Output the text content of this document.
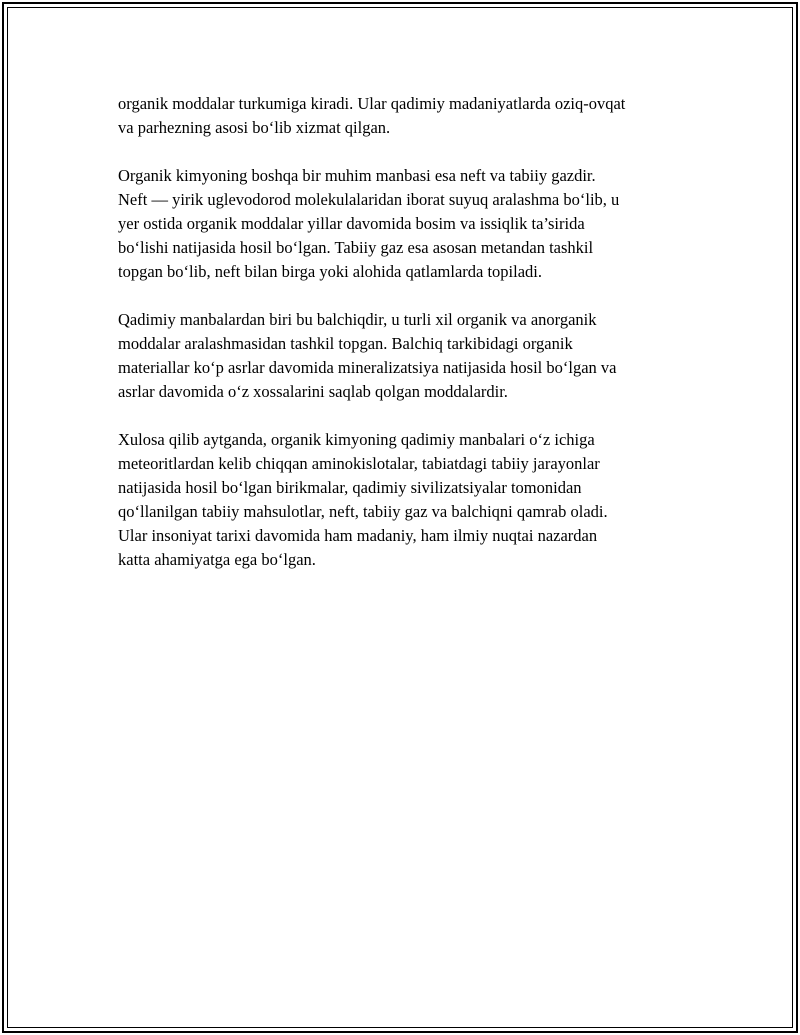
organik moddalar turkumiga kiradi. Ular qadimiy madaniyatlarda oziq-ovqat
va parhezning asosi bo‘lib xizmat qilgan.

Organik kimyoning boshqa bir muhim manbasi esa neft va tabiiy gazdir.
Neft — yirik uglevodorod molekulalaridan iborat suyuq aralashma bo‘lib, u
yer ostida organik moddalar yillar davomida bosim va issiqlik ta’sirida
bo‘lishi natijasida hosil bo‘lgan. Tabiiy gaz esa asosan metandan tashkil
topgan bo‘lib, neft bilan birga yoki alohida qatlamlarda topiladi.

Qadimiy manbalardan biri bu balchiqdir, u turli xil organik va anorganik
moddalar aralashmasidan tashkil topgan. Balchiq tarkibidagi organik
materiallar ko‘p asrlar davomida mineralizatsiya natijasida hosil bo‘lgan va
asrlar davomida o‘z xossalarini saqlab qolgan moddalardir.

Xulosa qilib aytganda, organik kimyoning qadimiy manbalari o‘z ichiga
meteoritlardan kelib chiqqan aminokislotalar, tabiatdagi tabiiy jarayonlar
natijasida hosil bo‘lgan birikmalar, qadimiy sivilizatsiyalar tomonidan
qo‘llanilgan tabiiy mahsulotlar, neft, tabiiy gaz va balchiqni qamrab oladi.
Ular insoniyat tarixi davomida ham madaniy, ham ilmiy nuqtai nazardan
katta ahamiyatga ega bo‘lgan.
